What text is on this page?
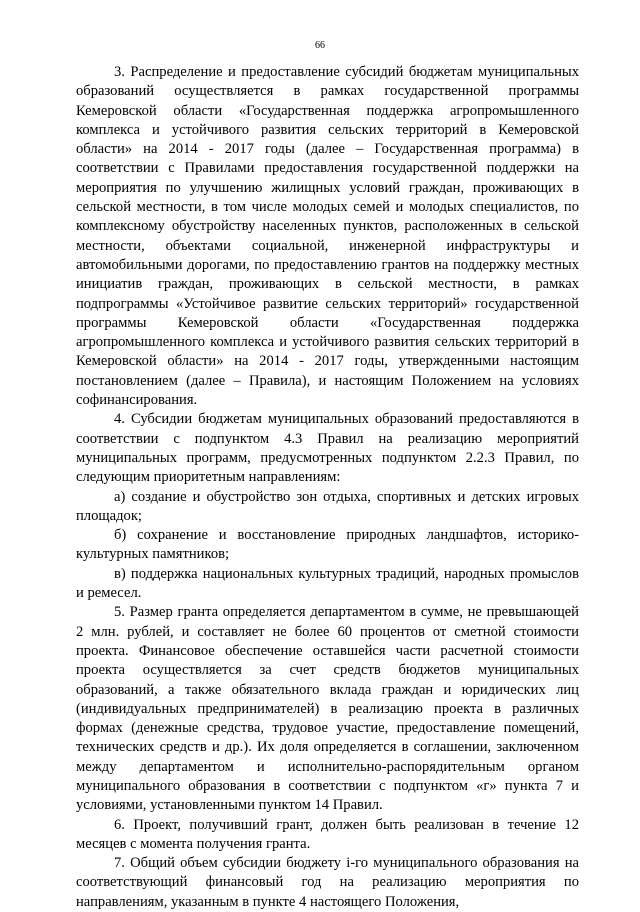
66

3. Распределение и предоставление субсидий бюджетам муниципальных образований осуществляется в рамках государственной программы Кемеровской области «Государственная поддержка агропромышленного комплекса и устойчивого развития сельских территорий в Кемеровской области» на 2014 - 2017 годы (далее – Государственная программа) в соответствии с Правилами предоставления государственной поддержки на мероприятия по улучшению жилищных условий граждан, проживающих в сельской местности, в том числе молодых семей и молодых специалистов, по комплексному обустройству населенных пунктов, расположенных в сельской местности, объектами социальной, инженерной инфраструктуры и автомобильными дорогами, по предоставлению грантов на поддержку местных инициатив граждан, проживающих в сельской местности, в рамках подпрограммы «Устойчивое развитие сельских территорий» государственной программы Кемеровской области «Государственная поддержка агропромышленного комплекса и устойчивого развития сельских территорий в Кемеровской области» на 2014 - 2017 годы, утвержденными настоящим постановлением (далее – Правила), и настоящим Положением на условиях софинансирования.

4. Субсидии бюджетам муниципальных образований предоставляются в соответствии с подпунктом 4.3 Правил на реализацию мероприятий муниципальных программ, предусмотренных подпунктом 2.2.3 Правил, по следующим приоритетным направлениям:

а) создание и обустройство зон отдыха, спортивных и детских игровых площадок;

б) сохранение и восстановление природных ландшафтов, историко-культурных памятников;

в) поддержка национальных культурных традиций, народных промыслов и ремесел.

5. Размер гранта определяется департаментом в сумме, не превышающей 2 млн. рублей, и составляет не более 60 процентов от сметной стоимости проекта. Финансовое обеспечение оставшейся части расчетной стоимости проекта осуществляется за счет средств бюджетов муниципальных образований, а также обязательного вклада граждан и юридических лиц (индивидуальных предпринимателей) в реализацию проекта в различных формах (денежные средства, трудовое участие, предоставление помещений, технических средств и др.). Их доля определяется в соглашении, заключенном между департаментом и исполнительно-распорядительным органом муниципального образования в соответствии с подпунктом «г» пункта 7 и условиями, установленными пунктом 14 Правил.

6. Проект, получивший грант, должен быть реализован в течение 12 месяцев с момента получения гранта.

7. Общий объем субсидии бюджету i-го муниципального образования на соответствующий финансовый год на реализацию мероприятия по направлениям, указанным в пункте 4 настоящего Положения,
